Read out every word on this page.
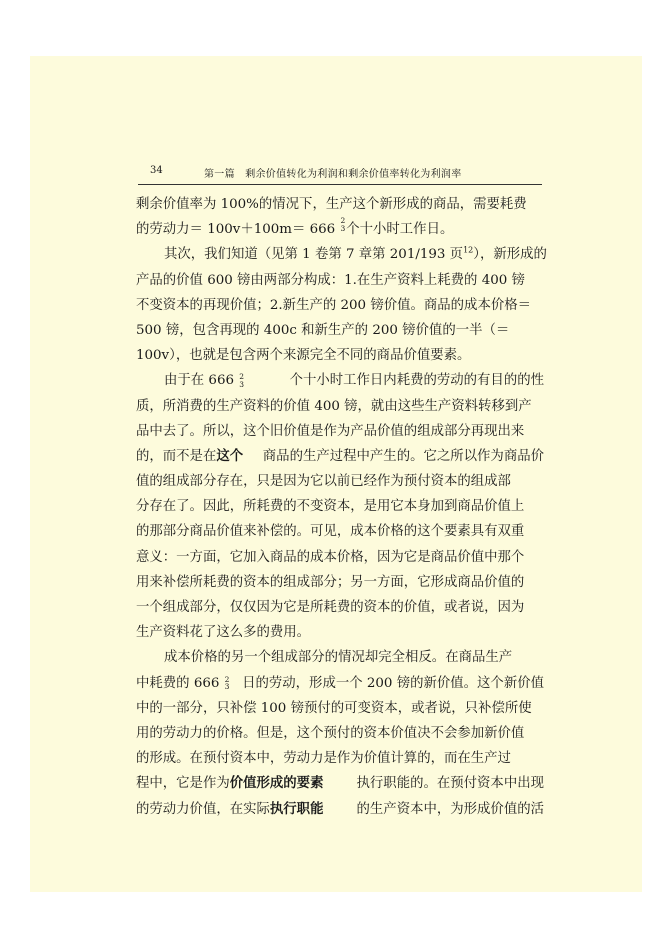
34	第一篇　剩余价值转化为利润和剩余价值率转化为利润率
剩余价值率为 100%的情况下，生产这个新形成的商品，需要耗费
的劳动力＝ 100v＋100m＝ 666
2
3 个十小时工作日。
其次，我们知道（见第 1 卷第 7 章第 201/193 页$^{12}$ ），新形成的
产品的价值 600 镑由两部分构成：1.在生产资料上耗费的 400 镑
不变资本的再现价值；2.新生产的 200 镑价值。商品的成本价格＝
500 镑，包含再现的 400c 和新生产的 200 镑价值的一半（＝
100v），也就是包含两个来源完全不同的商品价值要素。
由于在 666 2
3	个十小时工作日内耗费的劳动的有目的的性
质，所消费的生产资料的价值 400 镑，就由这些生产资料转移到产
品中去了。所以，这个旧价值是作为产品价值的组成部分再现出来
的，而不是在这个 商品的生产过程中产生的。它之所以作为商品价
值的组成部分存在，只是因为它以前已经作为预付资本的组成部
分存在了。因此，所耗费的不变资本，是用它本身加到商品价值上
的那部分商品价值来补偿的。可见，成本价格的这个要素具有双重
意义：一方面，它加入商品的成本价格，因为它是商品价值中那个
用来补偿所耗费的资本的组成部分；另一方面，它形成商品价值的
一个组成部分，仅仅因为它是所耗费的资本的价值，或者说，因为
生产资料花了这么多的费用。
成本价格的另一个组成部分的情况却完全相反。在商品生产
中耗费的 666 2
3 日的劳动，形成一个 200 镑的新价值。这个新价值
中的一部分，只补偿 100 镑预付的可变资本，或者说，只补偿所使
用的劳动力的价格。但是，这个预付的资本价值决不会参加新价值
的形成。在预付资本中，劳动力是作为价值计算的，而在生产过
程中，它是作为价值形成的要素 执行职能的。在预付资本中出现
的劳动力价值，在实际执行职能 的生产资本中，为形成价值的活
